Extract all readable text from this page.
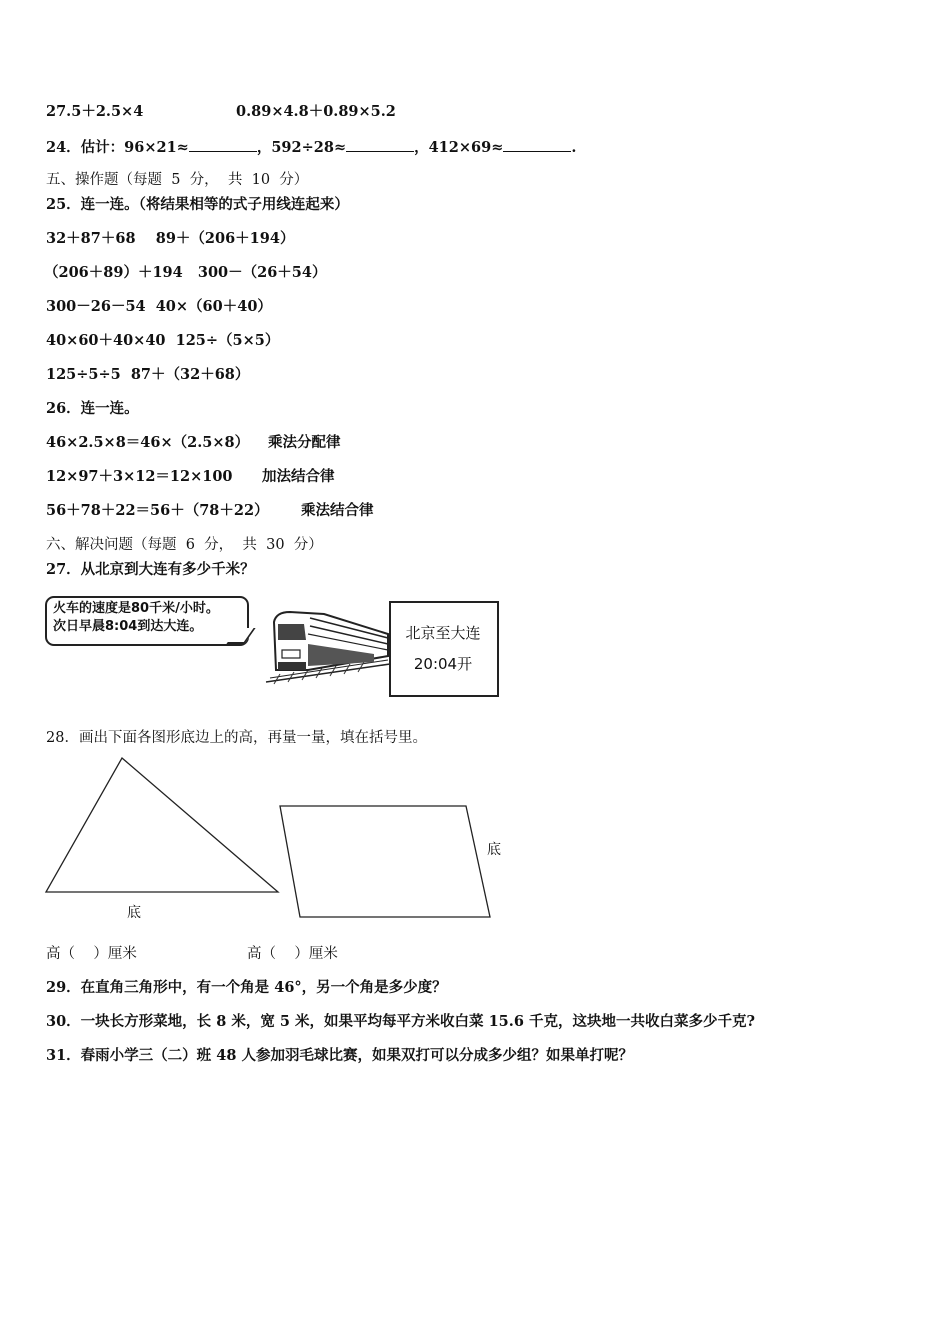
27.5＋2.5×4	0.89×4.8＋0.89×5.2
24．估计：96×21≈	，592÷28≈	，412×69≈	.
五、操作题（每题  5  分，  共  10  分）
25．连一连。（将结果相等的式子用线连起来）
32＋87＋68    89＋（206＋194）
（206＋89）＋194   300－（26＋54）
300－26－54  40×（60＋40）
40×60＋40×40  125÷（5×5）
125÷5÷5  87＋（32＋68）
26．连一连。
46×2.5×8＝46×（2.5×8） 乘法分配律
12×97＋3×12＝12×100 加法结合律
56＋78＋22＝56＋（78＋22） 乘法结合律
六、解决问题（每题  6  分，  共  30  分）
27．从北京到大连有多少千米？
火车的速度是80千米/小时。
次日早晨8:04到达大连。	北京至大连
20:04开
28．画出下面各图形底边上的高，再量一量，填在括号里。
底
底
高（    ）厘米	高（    ）厘米
29．在直角三角形中，有一个角是 46°，另一个角是多少度？
30．一块长方形菜地，长 8 米，宽 5 米，如果平均每平方米收白菜 15.6 千克，这块地一共收白菜多少千克?
31．春雨小学三（二）班 48 人参加羽毛球比赛，如果双打可以分成多少组？如果单打呢？
